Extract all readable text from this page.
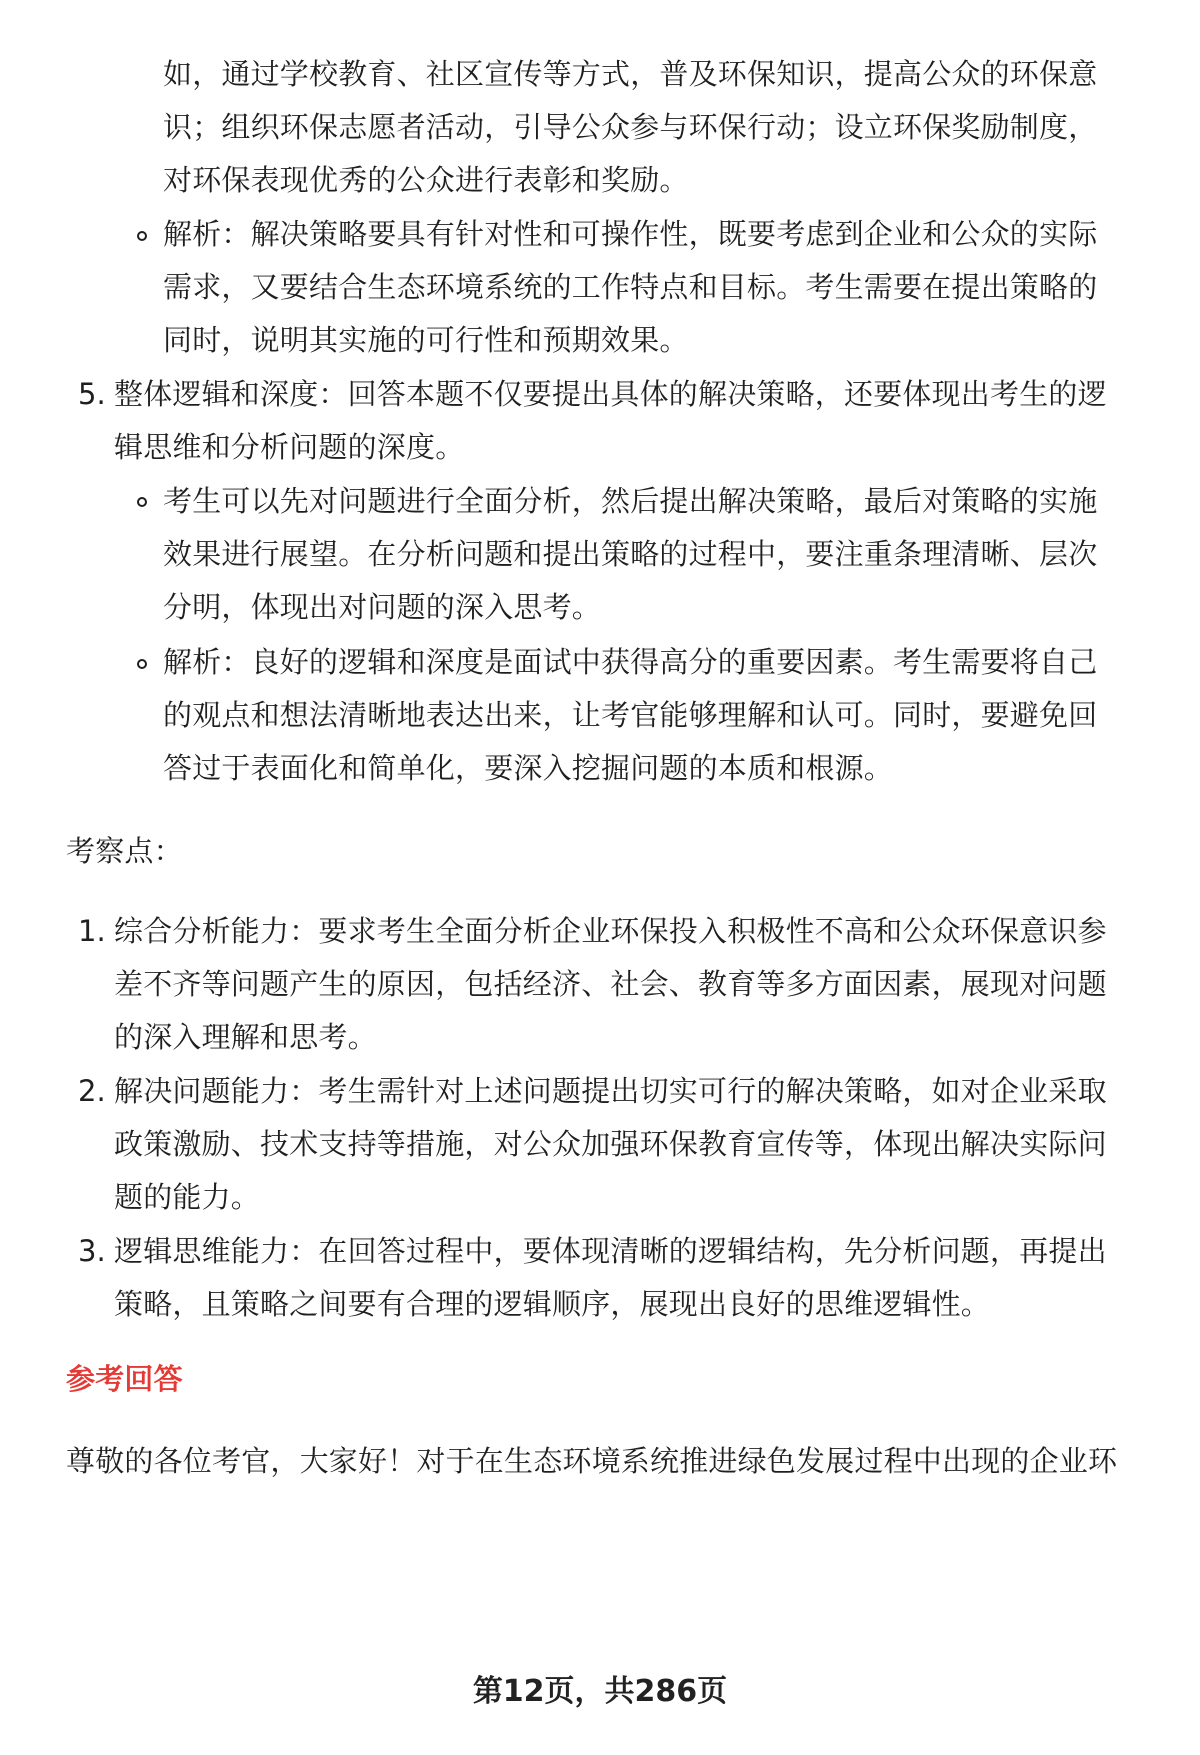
如，通过学校教育、社区宣传等方式，普及环保知识，提高公众的环保意
识；组织环保志愿者活动，引导公众参与环保行动；设立环保奖励制度，
对环保表现优秀的公众进行表彰和奖励。
解析：解决策略要具有针对性和可操作性，既要考虑到企业和公众的实际
需求，又要结合生态环境系统的工作特点和目标。考生需要在提出策略的
同时，说明其实施的可行性和预期效果。
5. 整体逻辑和深度：回答本题不仅要提出具体的解决策略，还要体现出考生的逻
辑思维和分析问题的深度。
考生可以先对问题进行全面分析，然后提出解决策略，最后对策略的实施
效果进行展望。在分析问题和提出策略的过程中，要注重条理清晰、层次
分明，体现出对问题的深入思考。
解析：良好的逻辑和深度是面试中获得高分的重要因素。考生需要将自己
的观点和想法清晰地表达出来，让考官能够理解和认可。同时，要避免回
答过于表面化和简单化，要深入挖掘问题的本质和根源。
考察点：
1. 综合分析能力：要求考生全面分析企业环保投入积极性不高和公众环保意识参
差不齐等问题产生的原因，包括经济、社会、教育等多方面因素，展现对问题
的深入理解和思考。
2. 解决问题能力：考生需针对上述问题提出切实可行的解决策略，如对企业采取
政策激励、技术支持等措施，对公众加强环保教育宣传等，体现出解决实际问
题的能力。
3. 逻辑思维能力：在回答过程中，要体现清晰的逻辑结构，先分析问题，再提出
策略，且策略之间要有合理的逻辑顺序，展现出良好的思维逻辑性。
参考回答
尊敬的各位考官，大家好！对于在生态环境系统推进绿色发展过程中出现的企业环
第12页，共286页
